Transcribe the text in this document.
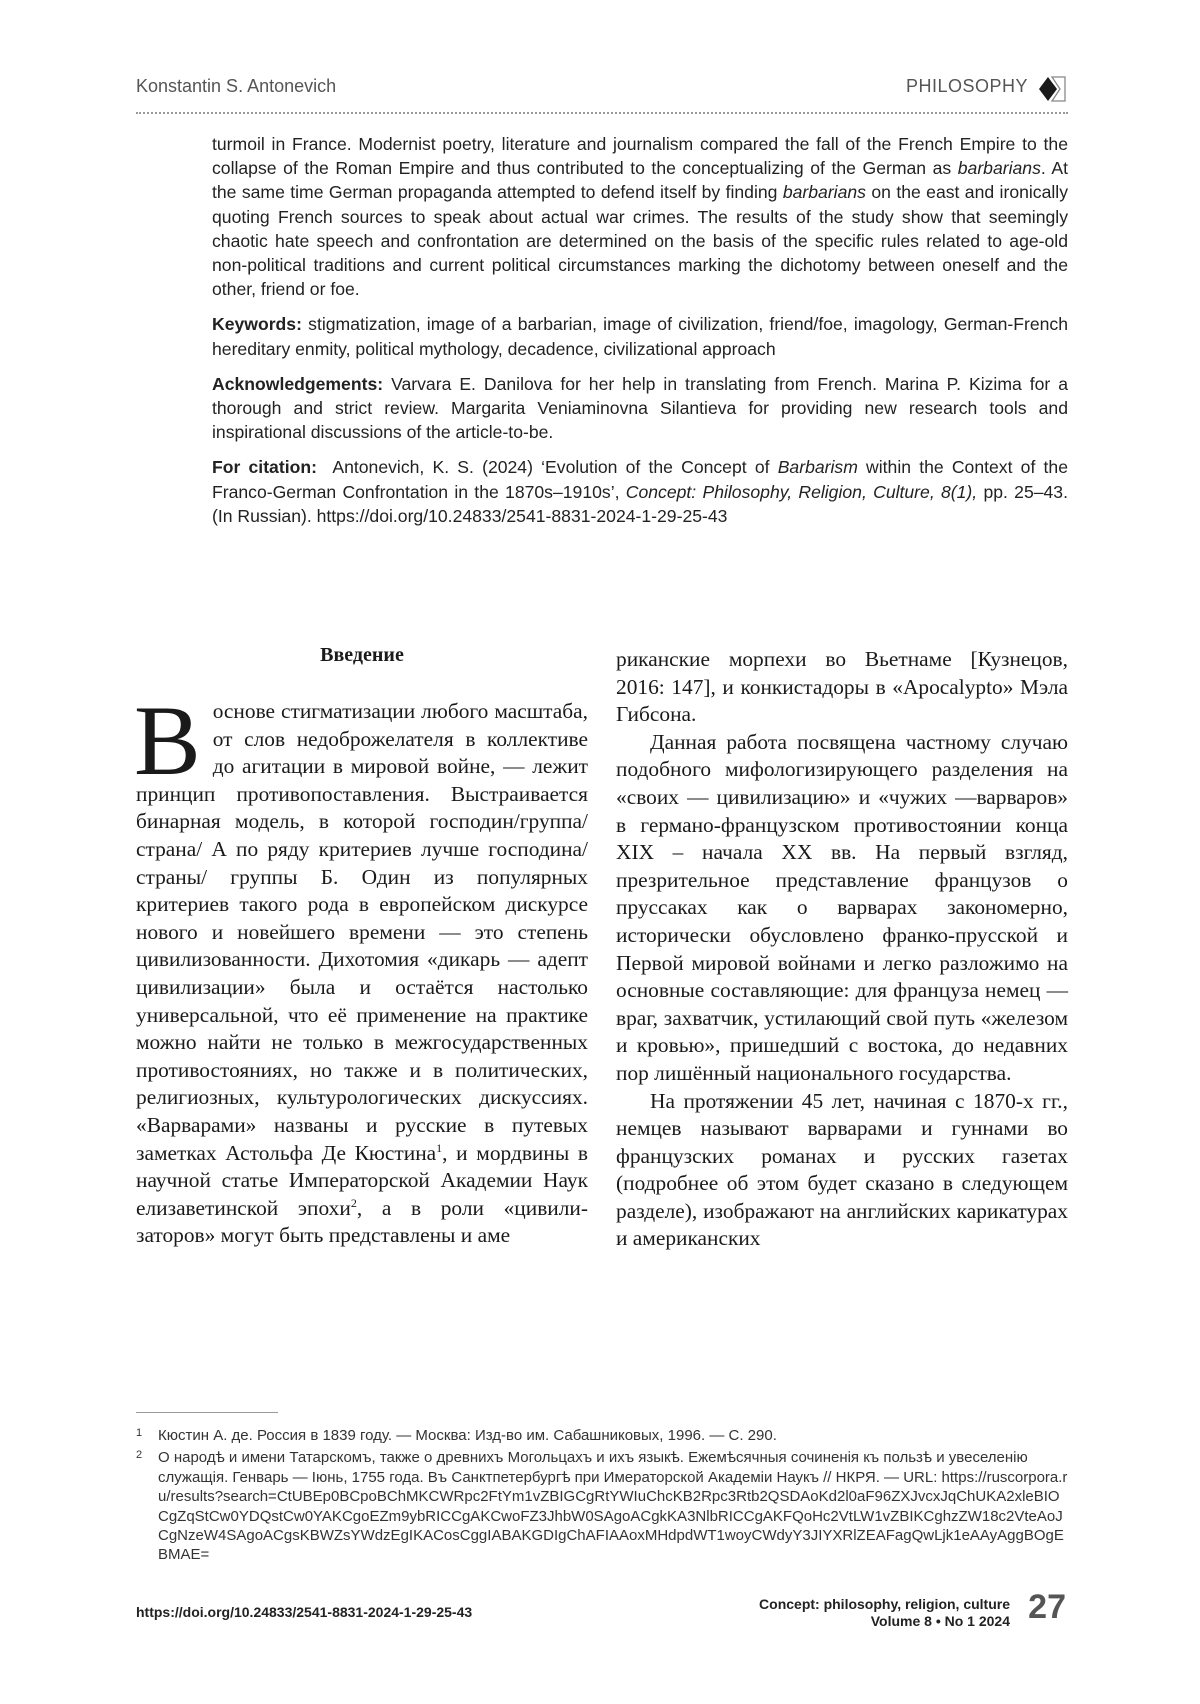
Konstantin S. Antonevich	PHILOSOPHY

turmoil in France. Modernist poetry, literature and journalism compared the fall of the French Empire to the collapse of the Roman Empire and thus contributed to the conceptualizing of the German as barbarians. At the same time German propaganda attempted to defend itself by finding barbarians on the east and ironically quoting French sources to speak about actual war crimes. The results of the study show that seemingly chaotic hate speech and confrontation are determined on the basis of the specific rules related to age-old non-political traditions and current political circumstances marking the dichotomy between oneself and the other, friend or foe.

Keywords: stigmatization, image of a barbarian, image of civilization, friend/foe, imagology, German-French hereditary enmity, political mythology, decadence, civilizational approach

Acknowledgements: Varvara E. Danilova for her help in translating from French. Marina P. Kizima for a thorough and strict review. Margarita Veniaminovna Silantieva for providing new research tools and inspirational discussions of the article-to-be.

For citation: Antonevich, K. S. (2024) ‘Evolution of the Concept of Barbarism within the Context of the Franco-German Confrontation in the 1870s–1910s’, Concept: Philosophy, Religion, Culture, 8(1), pp. 25–43. (In Russian). https://doi.org/10.24833/2541-8831-2024-1-29-25-43

Введение

Воснове стигматизации любого масштаба, от слов недоброжелателя в коллективе до агитации в мировой войне, — лежит принцип противопоставления. Выстраивается бинарная модель, в которой господин/группа/страна/ А по ряду критериев лучше господина/страны/ группы Б. Один из популярных критериев такого рода в европейском дискурсе нового и новейшего времени — это степень цивилизованности. Дихотомия «дикарь — адепт цивилизации» была и остаётся настолько универсальной, что её применение на практике можно найти не только в межгосударственных противостояниях, но также и в политических, религиозных, культурологических дискуссиях. «Варварами» названы и русские в путевых заметках Астольфа Де Кюстина$^1$, и мордвины в научной статье Императорской Академии Наук елизаветинской эпохи$^2$, а в роли «цивилизаторов» могут быть представлены и аме

риканские морпехи во Вьетнаме [Кузнецов, 2016: 147], и конкистадоры в «Apocalypto» Мэла Гибсона.

Данная работа посвящена частному случаю подобного мифологизирующего разделения на «своих — цивилизацию» и «чужих —варваров» в германо-французском противостоянии конца XIX – начала XX вв. На первый взгляд, презрительное представление французов о пруссаках как о варварах закономерно, исторически обусловлено франко-прусской и Первой мировой войнами и легко разложимо на основные составляющие: для француза немец — враг, захватчик, устилающий свой путь «железом и кровью», пришедший с востока, до недавних пор лишённый национального государства.

На протяжении 45 лет, начиная с 1870-х гг., немцев называют варварами и гуннами во французских романах и русских газетах (подробнее об этом будет сказано в следующем разделе), изображают на английских карикатурах и американских

1 Кюстин А. де. Россия в 1839 году. — Москва: Изд-во им. Сабашниковых, 1996. — С. 290.
2 О народѣ и имени Татарскомъ, также о древнихъ Могольцахъ и ихъ языкѣ. Ежемѣсячныя сочиненія къ пользѣ и увеселенію служащія. Генварь — Іюнь, 1755 года. Въ Санктпетербургѣ при Имераторской Академіи Наукъ // НКРЯ. — URL: https://ruscorpora.ru/results?search=CtUBEp0BCpoBChMKCWRpc2FtYm1vZBIGCgRtYWIuChcKB2Rpc3Rtb2QSDAoKd2l0aF96ZXJvcxJqChUKA2xleBIOCgZqStCw0YDQstCw0YAKCgoEZm9ybRICCgAKCwoFZ3JhbW0SAgoACgkKA3NlbRICCgAKFQoHc2VtLW1vZBIKCghzZW18c2VteAoJCgNzeW4SAgoACgsKBWZsYWdzEgIKACosCggIABAKGDIgChAFIAAoxMHdpdWT1woyCWdyY3JIYXRlZEAFagQwLjk1eAAyAggBOgEBMAE=
https://doi.org/10.24833/2541-8831-2024-1-29-25-43	Concept: philosophy, religion, culture
Volume 8 • No 1 2024 27
